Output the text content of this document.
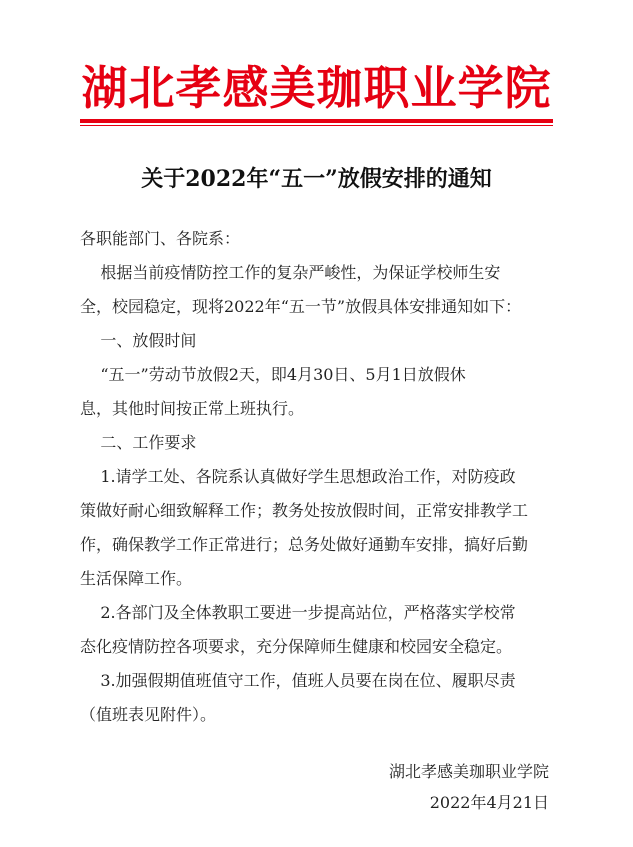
湖北孝感美珈职业学院
关于2022年“五一”放假安排的通知

各职能部门、各院系：

根据当前疫情防控工作的复杂严峻性，为保证学校师生安

全，校园稳定，现将2022年“五一节”放假具体安排通知如下：

一、放假时间

“五一”劳动节放假2天，即4月30日、5月1日放假休

息，其他时间按正常上班执行。

二、工作要求

1.请学工处、各院系认真做好学生思想政治工作，对防疫政

策做好耐心细致解释工作；教务处按放假时间，正常安排教学工

作，确保教学工作正常进行；总务处做好通勤车安排，搞好后勤

生活保障工作。

2.各部门及全体教职工要进一步提高站位，严格落实学校常

态化疫情防控各项要求，充分保障师生健康和校园安全稳定。

3.加强假期值班值守工作，值班人员要在岗在位、履职尽责

（值班表见附件）。

湖北孝感美珈职业学院
2022年4月21日
